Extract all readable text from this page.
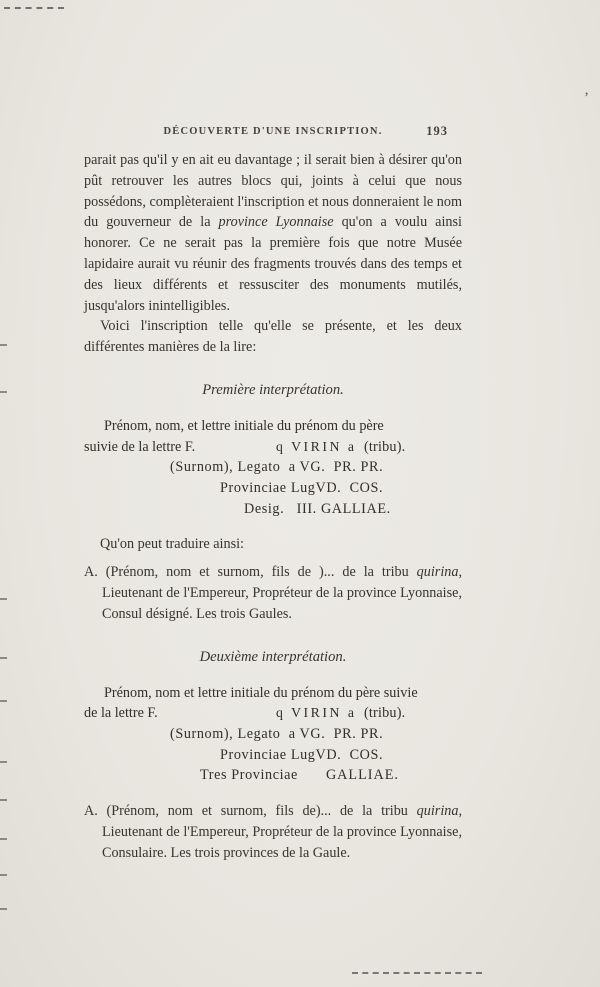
’
DÉCOUVERTE D'UNE INSCRIPTION.	193

parait pas qu'il y en ait eu davantage ; il serait bien à désirer qu'on pût retrouver les autres blocs qui, joints à celui que nous possédons, complèteraient l'inscription et nous donneraient le nom du gouverneur de la province Lyonnaise qu'on a voulu ainsi honorer. Ce ne serait pas la première fois que notre Musée lapidaire aurait vu réunir des fragments trouvés dans des temps et des lieux différents et ressusciter des monuments mutilés, jusqu'alors inintelligibles.

Voici l'inscription telle qu'elle se présente, et les deux différentes manières de la lire:

Première interprétation.
Prénom, nom, et lettre initiale du prénom du père
suivie de la lettre F.	q VIRIN a  (tribu).
(Surnom), Legato  a VG.  PR. PR.
Provinciae LugVD.  COS.
Desig.   III. GALLIAE.

Qu'on peut traduire ainsi:

A. (Prénom, nom et surnom, fils de )... de la tribu quirina, Lieutenant de l'Empereur, Propréteur de la province Lyonnaise, Consul désigné. Les trois Gaules.

Deuxième interprétation.
Prénom, nom et lettre initiale du prénom du père suivie
de la lettre F.	q VIRIN a  (tribu).
(Surnom), Legato  a VG.  PR. PR.
Provinciae LugVD.  COS.
Tres Provinciae GALLIAE.

A. (Prénom, nom et surnom, fils de)... de la tribu quirina, Lieutenant de l'Empereur, Propréteur de la province Lyonnaise, Consulaire. Les trois provinces de la Gaule.
